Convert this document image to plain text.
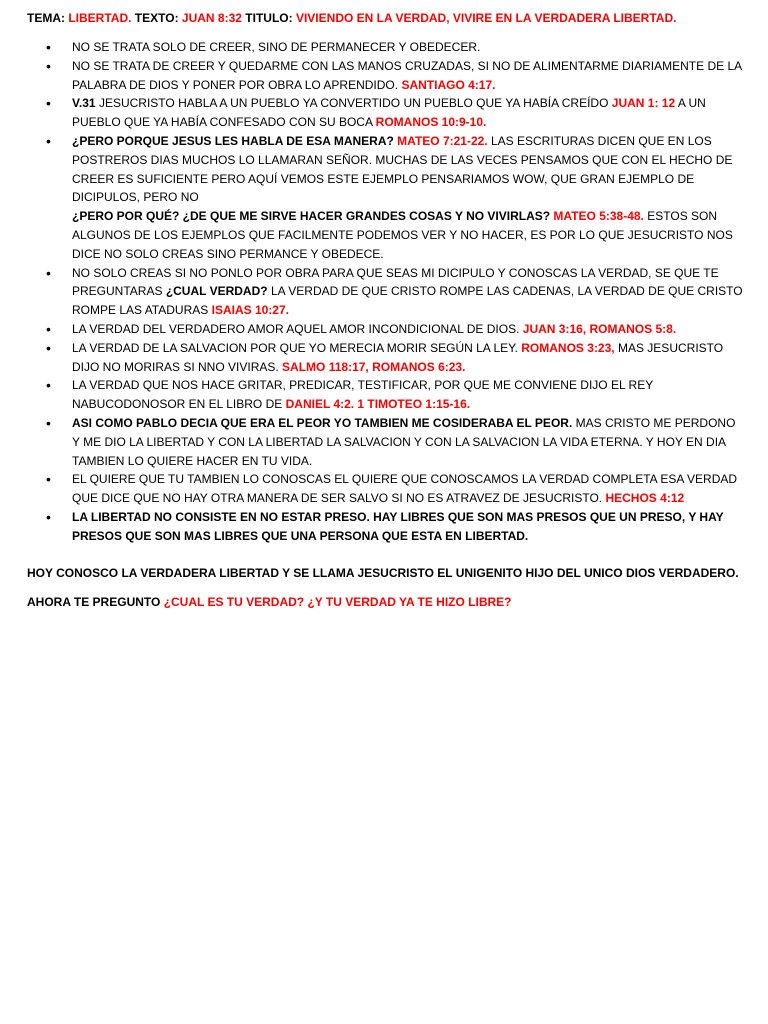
TEMA: LIBERTAD. TEXTO: JUAN 8:32 TITULO: VIVIENDO EN LA VERDAD, VIVIRE EN LA VERDADERA LIBERTAD.
• NO SE TRATA SOLO DE CREER, SINO DE PERMANECER Y OBEDECER.
• NO SE TRATA DE CREER Y QUEDARME CON LAS MANOS CRUZADAS, SI NO DE ALIMENTARME DIARIAMENTE DE LA PALABRA DE DIOS Y PONER POR OBRA LO APRENDIDO. SANTIAGO 4:17.
• V.31 JESUCRISTO HABLA A UN PUEBLO YA CONVERTIDO UN PUEBLO QUE YA HABÍA CREÍDO JUAN 1: 12 A UN PUEBLO QUE YA HABÍA CONFESADO CON SU BOCA ROMANOS 10:9-10.
• ¿PERO PORQUE JESUS LES HABLA DE ESA MANERA? MATEO 7:21-22. LAS ESCRITURAS DICEN QUE EN LOS POSTREROS DIAS MUCHOS LO LLAMARAN SEÑOR. MUCHAS DE LAS VECES PENSAMOS QUE CON EL HECHO DE CREER ES SUFICIENTE PERO AQUÍ VEMOS ESTE EJEMPLO PENSARIAMOS WOW, QUE GRAN EJEMPLO DE DICIPULOS, PERO NO
¿PERO POR QUÉ? ¿DE QUE ME SIRVE HACER GRANDES COSAS Y NO VIVIRLAS? MATEO 5:38-48. ESTOS SON ALGUNOS DE LOS EJEMPLOS QUE FACILMENTE PODEMOS VER Y NO HACER, ES POR LO QUE JESUCRISTO NOS DICE NO SOLO CREAS SINO PERMANCE Y OBEDECE.
• NO SOLO CREAS SI NO PONLO POR OBRA PARA QUE SEAS MI DICIPULO Y CONOSCAS LA VERDAD, SE QUE TE PREGUNTARAS ¿CUAL VERDAD? LA VERDAD DE QUE CRISTO ROMPE LAS CADENAS, LA VERDAD DE QUE CRISTO ROMPE LAS ATADURAS ISAIAS 10:27.
• LA VERDAD DEL VERDADERO AMOR AQUEL AMOR INCONDICIONAL DE DIOS. JUAN 3:16, ROMANOS 5:8.
• LA VERDAD DE LA SALVACION POR QUE YO MERECIA MORIR SEGÚN LA LEY. ROMANOS 3:23, MAS JESUCRISTO DIJO NO MORIRAS SI NNO VIVIRAS. SALMO 118:17, ROMANOS 6:23.
• LA VERDAD QUE NOS HACE GRITAR, PREDICAR, TESTIFICAR, POR QUE ME CONVIENE DIJO EL REY NABUCODONOSOR EN EL LIBRO DE DANIEL 4:2. 1 TIMOTEO 1:15-16.
• ASI COMO PABLO DECIA QUE ERA EL PEOR YO TAMBIEN ME COSIDERABA EL PEOR. MAS CRISTO ME PERDONO Y ME DIO LA LIBERTAD Y CON LA LIBERTAD LA SALVACION Y CON LA SALVACION LA VIDA ETERNA. Y HOY EN DIA TAMBIEN LO QUIERE HACER EN TU VIDA.
• EL QUIERE QUE TU TAMBIEN LO CONOSCAS EL QUIERE QUE CONOSCAMOS LA VERDAD COMPLETA ESA VERDAD QUE DICE QUE NO HAY OTRA MANERA DE SER SALVO SI NO ES ATRAVEZ DE JESUCRISTO. HECHOS 4:12
• LA LIBERTAD NO CONSISTE EN NO ESTAR PRESO. HAY LIBRES QUE SON MAS PRESOS QUE UN PRESO, Y HAY PRESOS QUE SON MAS LIBRES QUE UNA PERSONA QUE ESTA EN LIBERTAD.
HOY CONOSCO LA VERDADERA LIBERTAD Y SE LLAMA JESUCRISTO EL UNIGENITO HIJO DEL UNICO DIOS VERDADERO.
AHORA TE PREGUNTO ¿CUAL ES TU VERDAD? ¿Y TU VERDAD YA TE HIZO LIBRE?
